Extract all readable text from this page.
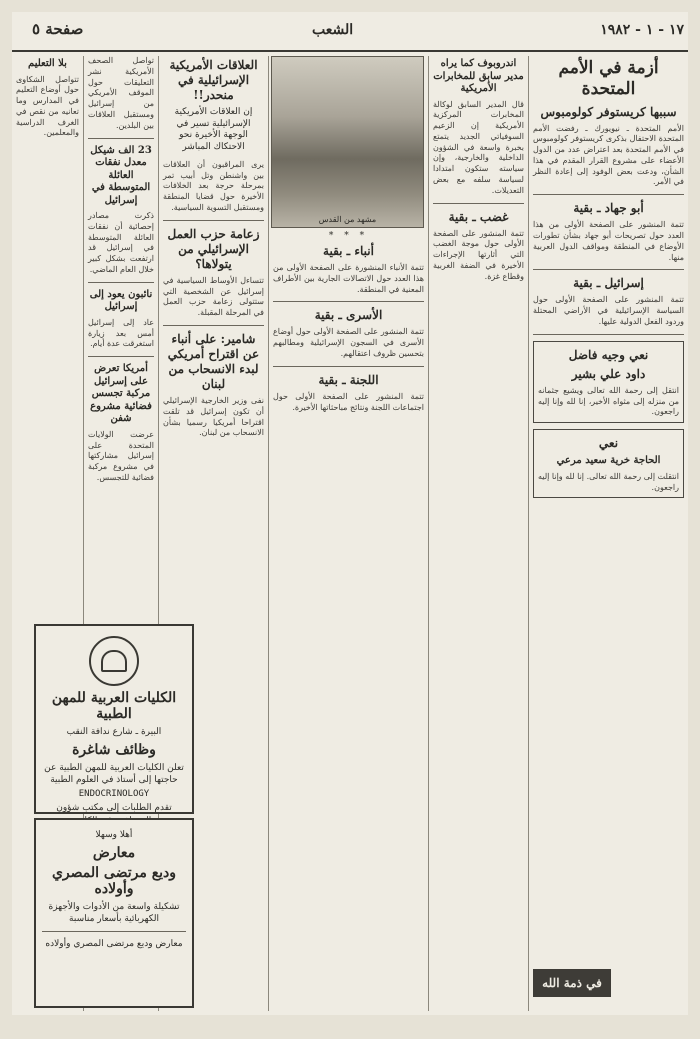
١٧ - ١ - ١٩٨٢
الشعب
صفحة ٥
أزمة في الأمم المتحدة
سببها كريستوفر كولومبوس
الأمم المتحدة ـ نيويورك ـ رفضت الأمم المتحدة الاحتفال بذكرى كريستوفر كولومبوس في الأمم المتحدة بعد اعتراض عدد من الدول الأعضاء على مشروع القرار المقدم في هذا الشأن، ودعت بعض الوفود إلى إعادة النظر في الأمر.
أبو جهاد ـ بقية
تتمة المنشور على الصفحة الأولى من هذا العدد حول تصريحات أبو جهاد بشأن تطورات الأوضاع في المنطقة ومواقف الدول العربية منها.
إسرائيل ـ بقية
تتمة المنشور على الصفحة الأولى حول السياسة الإسرائيلية في الأراضي المحتلة وردود الفعل الدولية عليها.
نعي وجيه فاضل
داود علي بشير
انتقل إلى رحمة الله تعالى ويشيع جثمانه من منزله إلى مثواه الأخير، إنا لله وإنا إليه راجعون.
نعي
الحاجة خرية سعيد مرعي
انتقلت إلى رحمة الله تعالى. إنا لله وإنا إليه راجعون.
في ذمة الله
اندروبوف كما يراه مدير سابق للمخابرات الأمريكية
قال المدير السابق لوكالة المخابرات المركزية الأمريكية إن الزعيم السوفياتي الجديد يتمتع بخبرة واسعة في الشؤون الداخلية والخارجية، وإن سياسته ستكون امتدادا لسياسة سلفه مع بعض التعديلات.
غضب ـ بقية
تتمة المنشور على الصفحة الأولى حول موجة الغضب التي أثارتها الإجراءات الأخيرة في الضفة الغربية وقطاع غزة.
مشهد من القدس
* * *
أنباء ـ بقية
تتمة الأنباء المنشورة على الصفحة الأولى من هذا العدد حول الاتصالات الجارية بين الأطراف المعنية في المنطقة.
الأسرى ـ بقية
تتمة المنشور على الصفحة الأولى حول أوضاع الأسرى في السجون الإسرائيلية ومطالبهم بتحسين ظروف اعتقالهم.
اللجنة ـ بقية
تتمة المنشور على الصفحة الأولى حول اجتماعات اللجنة ونتائج مباحثاتها الأخيرة.
العلاقات الأمريكية الإسرائيلية في منحدر!!
إن العلاقات الأمريكية الإسرائيلية تسير في الوجهة الأخيرة نحو الاحتكاك المباشر
يرى المراقبون أن العلاقات بين واشنطن وتل أبيب تمر بمرحلة حرجة بعد الخلافات الأخيرة حول قضايا المنطقة ومستقبل التسوية السياسية.
زعامة حزب العمل الإسرائيلي من يتولاها؟
تتساءل الأوساط السياسية في إسرائيل عن الشخصية التي ستتولى زعامة حزب العمل في المرحلة المقبلة.
شامير: على أنباء عن اقتراح أمريكي لبدء الانسحاب من لبنان
نفى وزير الخارجية الإسرائيلي أن تكون إسرائيل قد تلقت اقتراحا أمريكيا رسميا بشأن الانسحاب من لبنان.
تواصل الصحف الأمريكية نشر التعليقات حول الموقف الأمريكي من إسرائيل ومستقبل العلاقات بين البلدين.
23 الف شيكل معدل نفقات العائلة المتوسطة في إسرائيل
ذكرت مصادر إحصائية أن نفقات العائلة المتوسطة في إسرائيل قد ارتفعت بشكل كبير خلال العام الماضي.
نائبون يعود إلى إسرائيل
عاد إلى إسرائيل أمس بعد زيارة استغرقت عدة أيام.
أمريكا تعرض على إسرائيل مركبة تجسس فضائية مشروع شفن
عرضت الولايات المتحدة على إسرائيل مشاركتها في مشروع مركبة فضائية للتجسس.
بلا التعليم
تتواصل الشكاوى حول أوضاع التعليم في المدارس وما تعانيه من نقص في الغرف الدراسية والمعلمين.
الكليات العربية للمهن الطبية
البيرة ـ شارع ندافة النقب
وظائف شاغرة
تعلن الكليات العربية للمهن الطبية عن حاجتها إلى أستاذ في العلوم الطبية
ENDOCRINOLOGY
تقدم الطلبات إلى مكتب شؤون
أهلا وسهلا
معارض
وديع مرتضى المصري وأولاده
تشكيلة واسعة من الأدوات والأجهزة الكهربائية بأسعار مناسبة
معارض وديع مرتضى المصري وأولاده
